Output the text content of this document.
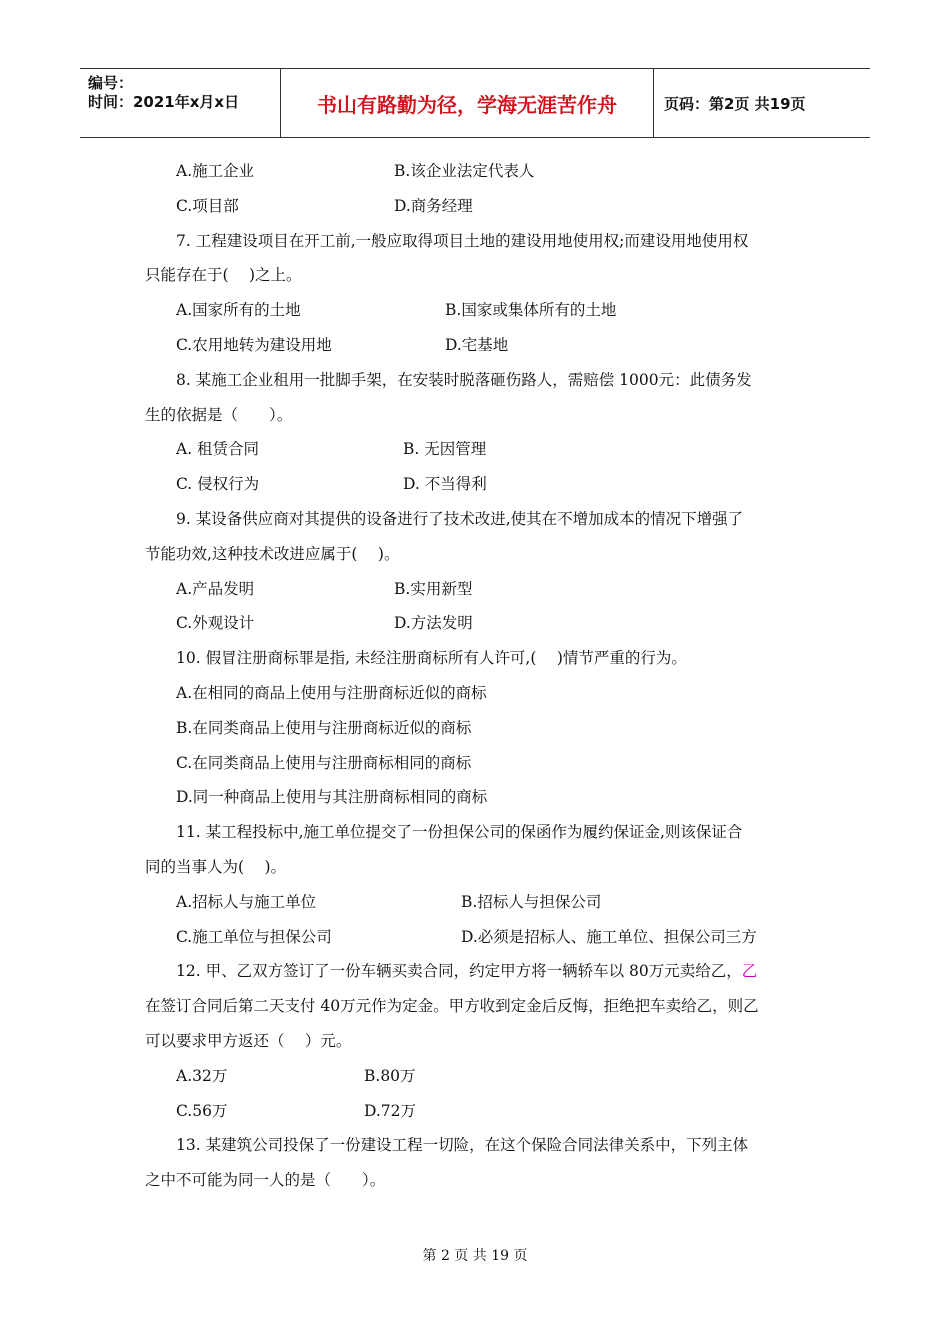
编号：
时间：2021年x月x日	书山有路勤为径，学海无涯苦作舟	页码：第2页 共19页
A.施工企业	B.该企业法定代表人
C.项目部	D.商务经理
7. 工程建设项目在开工前,一般应取得项目土地的建设用地使用权;而建设用地使用权
只能存在于(　 )之上。
A.国家所有的土地	B.国家或集体所有的土地
C.农用地转为建设用地	D.宅基地
8. 某施工企业租用一批脚手架，在安装时脱落砸伤路人，需赔偿 1000元：此债务发
生的依据是（　　）。
A. 租赁合同	B. 无因管理
C. 侵权行为	D. 不当得利
9. 某设备供应商对其提供的设备进行了技术改进,使其在不增加成本的情况下增强了
节能功效,这种技术改进应属于(　 )。
A.产品发明	B.实用新型
C.外观设计	D.方法发明
10. 假冒注册商标罪是指, 未经注册商标所有人许可,(　 )情节严重的行为。
A.在相同的商品上使用与注册商标近似的商标
B.在同类商品上使用与注册商标近似的商标
C.在同类商品上使用与注册商标相同的商标
D.同一种商品上使用与其注册商标相同的商标
11. 某工程投标中,施工单位提交了一份担保公司的保函作为履约保证金,则该保证合
同的当事人为(　 )。
A.招标人与施工单位	B.招标人与担保公司
C.施工单位与担保公司	D.必须是招标人、施工单位、担保公司三方
12. 甲、乙双方签订了一份车辆买卖合同，约定甲方将一辆轿车以 80万元卖给乙，乙
在签订合同后第二天支付 40万元作为定金。甲方收到定金后反悔，拒绝把车卖给乙，则乙
可以要求甲方返还（　 ）元。
A.32万	B.80万
C.56万	D.72万
13. 某建筑公司投保了一份建设工程一切险，在这个保险合同法律关系中，下列主体
之中不可能为同一人的是（　　）。
第 2 页 共 19 页
